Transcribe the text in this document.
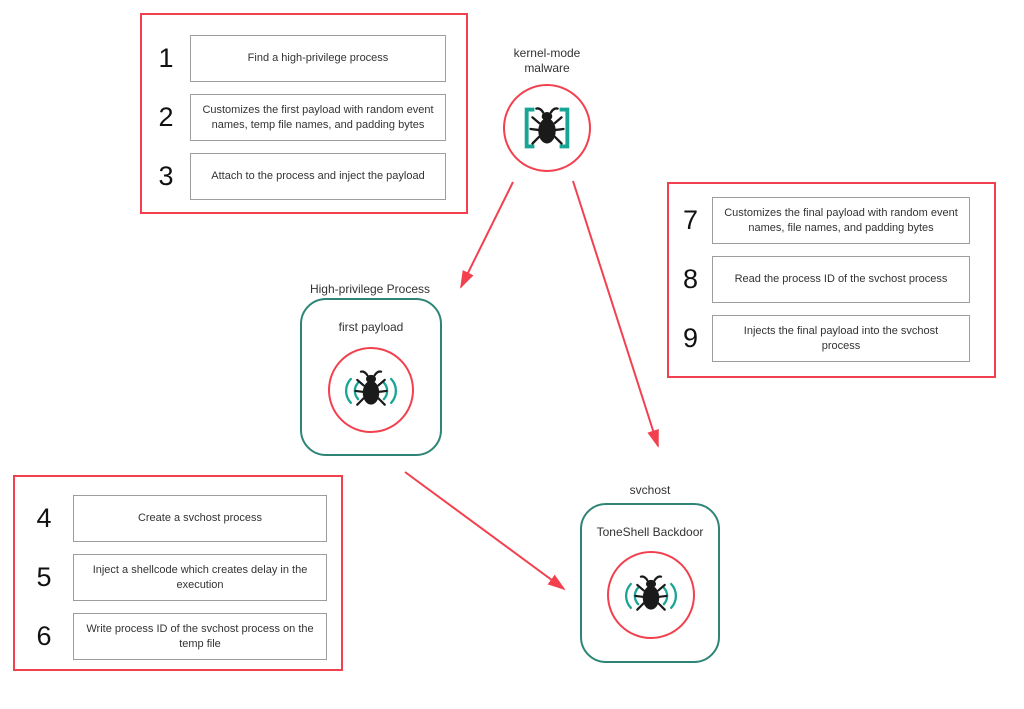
1	Find a high-privilege process
2	Customizes the first payload with random event names, temp file names, and padding bytes
3	Attach to the process and inject the payload
7	Customizes the final payload with random event names, file names, and padding bytes
8	Read the process ID of the svchost process
9	Injects the final payload into the svchost process
4	Create a svchost process
5	Inject a shellcode which creates delay in the execution
6	Write process ID of the svchost process on the temp file
kernel-mode malware
High-privilege Process
first payload
svchost
ToneShell Backdoor
